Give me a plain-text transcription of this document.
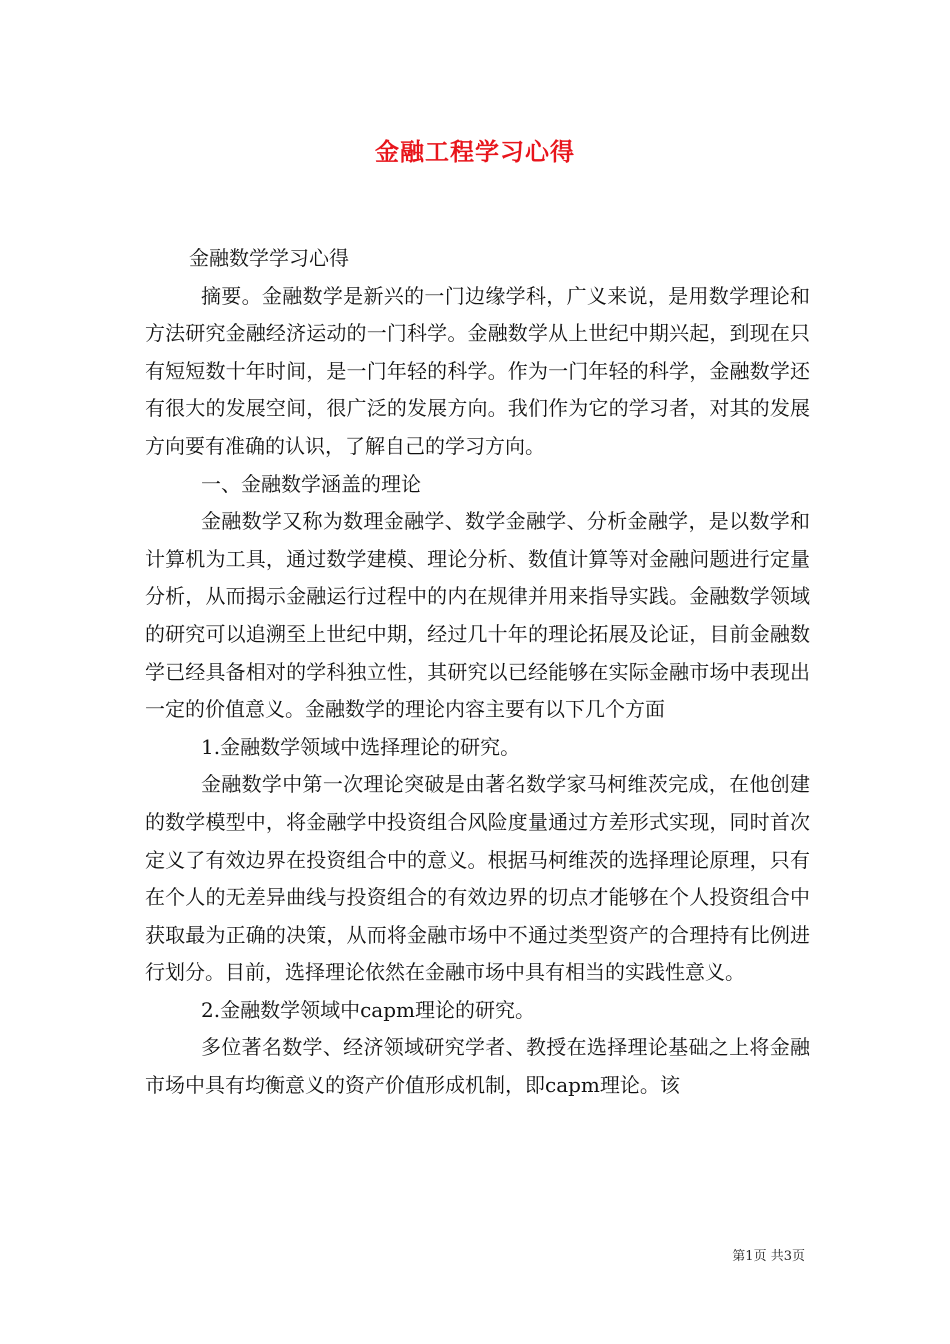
金融工程学习心得

金融数学学习心得

摘要。金融数学是新兴的一门边缘学科，广义来说，是用数学理论和方法研究金融经济运动的一门科学。金融数学从上世纪中期兴起，到现在只有短短数十年时间，是一门年轻的科学。作为一门年轻的科学，金融数学还有很大的发展空间，很广泛的发展方向。我们作为它的学习者，对其的发展方向要有准确的认识，了解自己的学习方向。

一、金融数学涵盖的理论

金融数学又称为数理金融学、数学金融学、分析金融学，是以数学和计算机为工具，通过数学建模、理论分析、数值计算等对金融问题进行定量分析，从而揭示金融运行过程中的内在规律并用来指导实践。金融数学领域的研究可以追溯至上世纪中期，经过几十年的理论拓展及论证，目前金融数学已经具备相对的学科独立性，其研究以已经能够在实际金融市场中表现出一定的价值意义。金融数学的理论内容主要有以下几个方面

1.金融数学领域中选择理论的研究。

金融数学中第一次理论突破是由著名数学家马柯维茨完成，在他创建的数学模型中，将金融学中投资组合风险度量通过方差形式实现，同时首次定义了有效边界在投资组合中的意义。根据马柯维茨的选择理论原理，只有在个人的无差异曲线与投资组合的有效边界的切点才能够在个人投资组合中获取最为正确的决策，从而将金融市场中不通过类型资产的合理持有比例进行划分。目前，选择理论依然在金融市场中具有相当的实践性意义。

2.金融数学领域中capm理论的研究。

多位著名数学、经济领域研究学者、教授在选择理论基础之上将金融市场中具有均衡意义的资产价值形成机制，即capm理论。该

第1页 共3页
